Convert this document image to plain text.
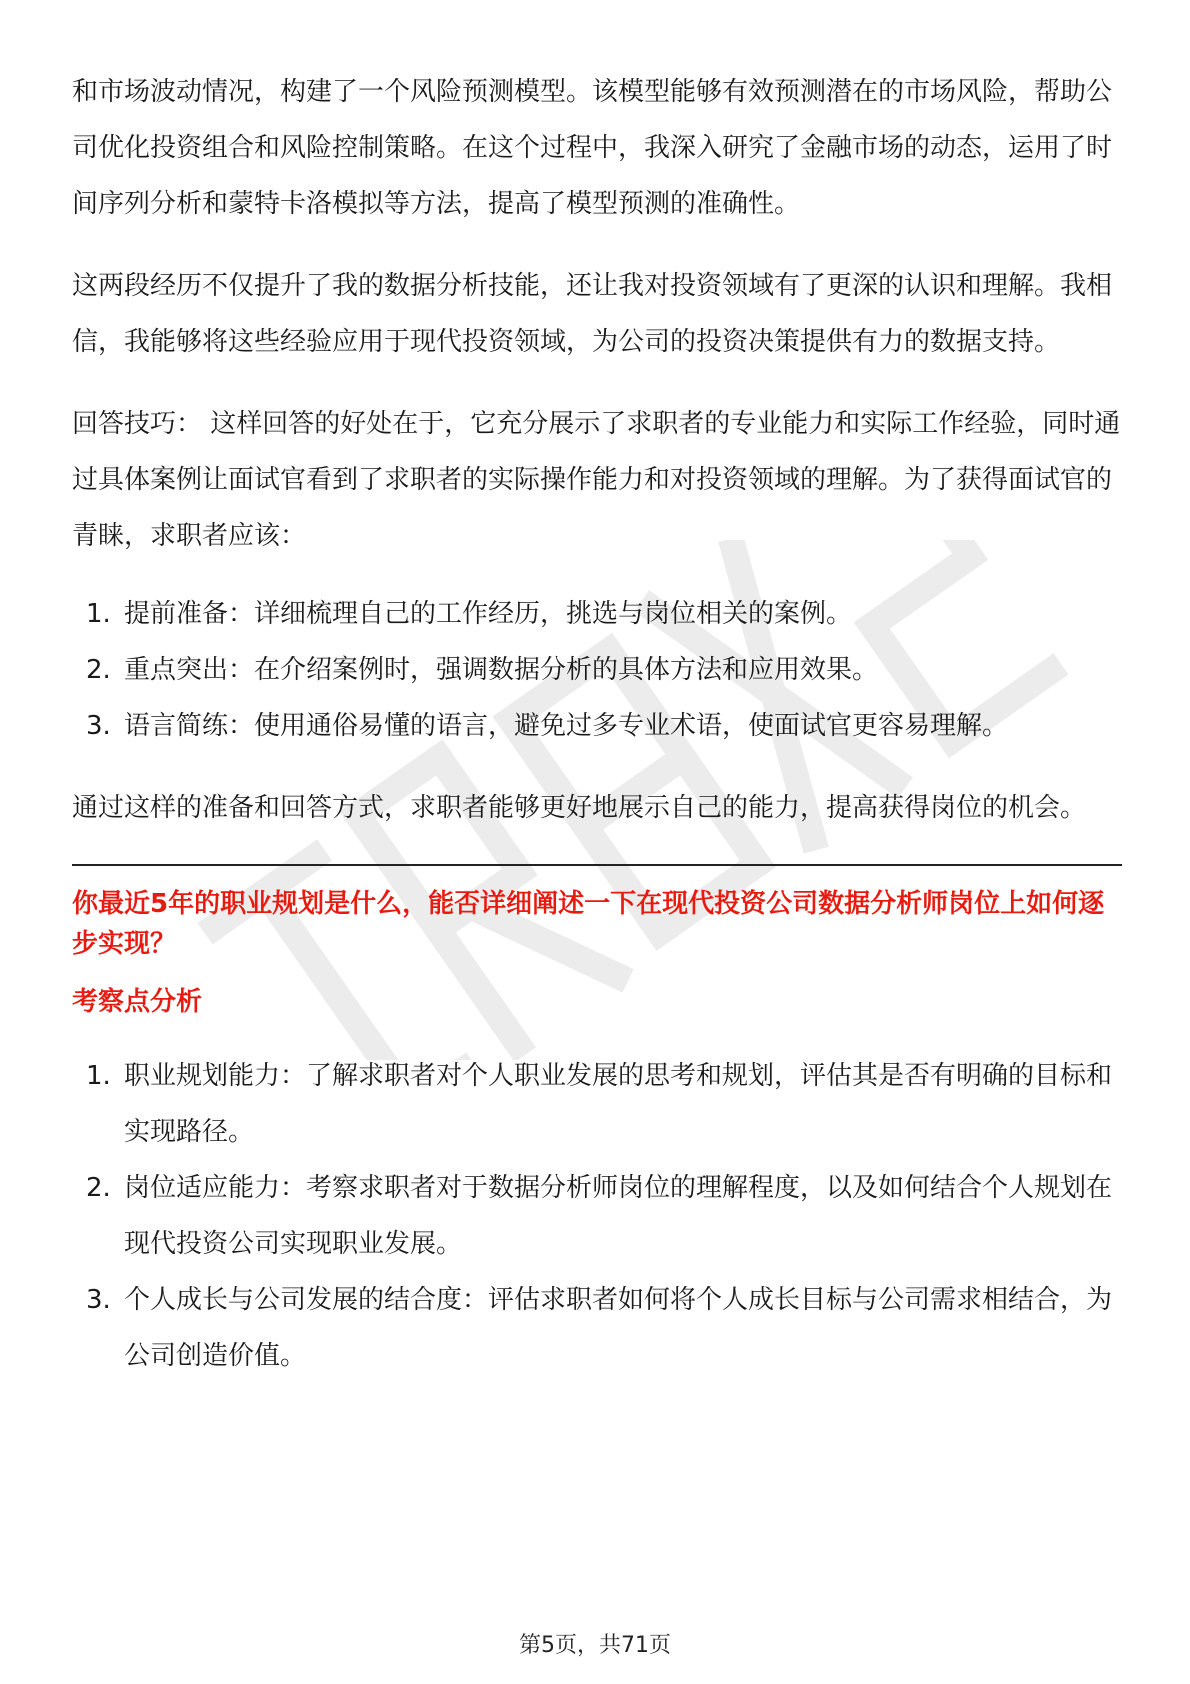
和市场波动情况，构建了一个风险预测模型。该模型能够有效预测潜在的市场风险，帮助公司优化投资组合和风险控制策略。在这个过程中，我深入研究了金融市场的动态，运用了时间序列分析和蒙特卡洛模拟等方法，提高了模型预测的准确性。

这两段经历不仅提升了我的数据分析技能，还让我对投资领域有了更深的认识和理解。我相信，我能够将这些经验应用于现代投资领域，为公司的投资决策提供有力的数据支持。

回答技巧： 这样回答的好处在于，它充分展示了求职者的专业能力和实际工作经验，同时通过具体案例让面试官看到了求职者的实际操作能力和对投资领域的理解。为了获得面试官的青睐，求职者应该：

1. 提前准备：详细梳理自己的工作经历，挑选与岗位相关的案例。
2. 重点突出：在介绍案例时，强调数据分析的具体方法和应用效果。
3. 语言简练：使用通俗易懂的语言，避免过多专业术语，使面试官更容易理解。

通过这样的准备和回答方式，求职者能够更好地展示自己的能力，提高获得岗位的机会。

你最近5年的职业规划是什么，能否详细阐述一下在现代投资公司数据分析师岗位上如何逐步实现？
考察点分析
1. 职业规划能力：了解求职者对个人职业发展的思考和规划，评估其是否有明确的目标和实现路径。
2. 岗位适应能力：考察求职者对于数据分析师岗位的理解程度，以及如何结合个人规划在现代投资公司实现职业发展。
3. 个人成长与公司发展的结合度：评估求职者如何将个人成长目标与公司需求相结合，为公司创造价值。
第5页，共71页
